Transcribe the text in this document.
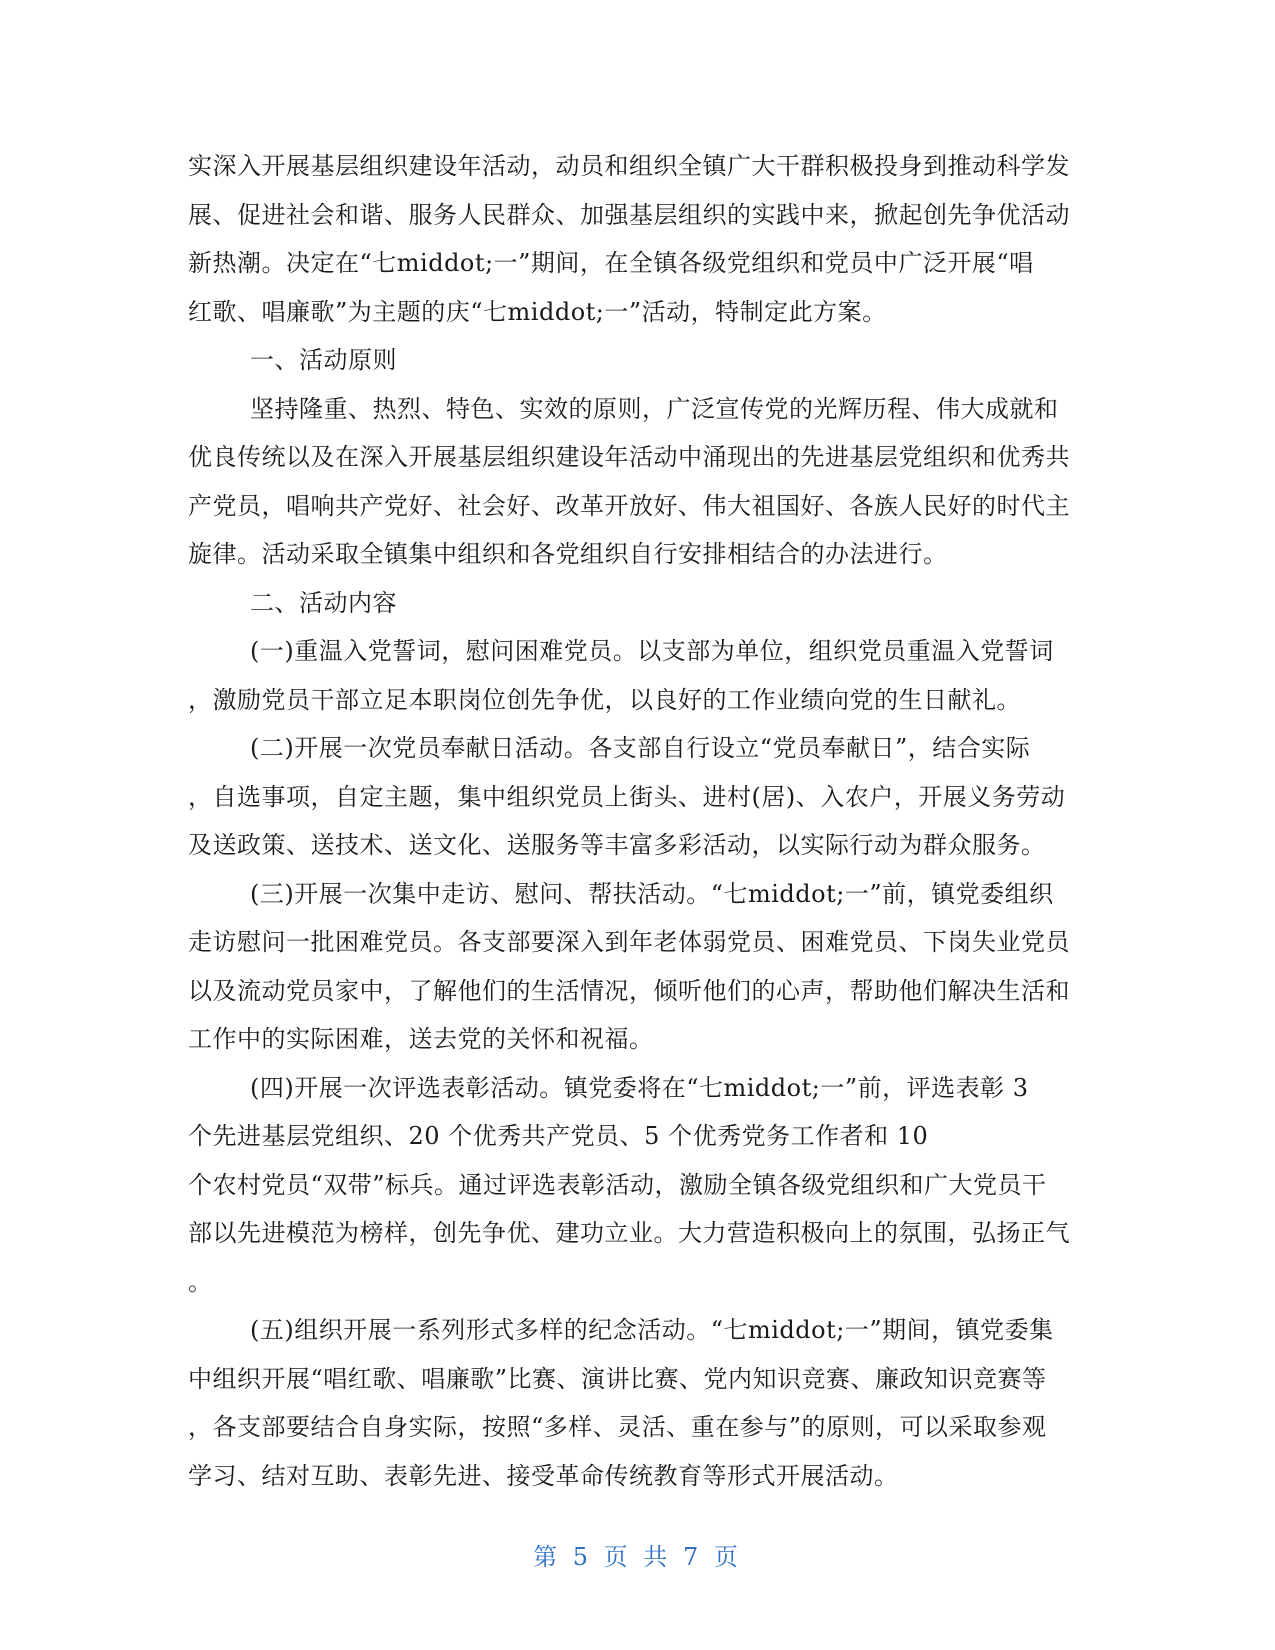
实深入开展基层组织建设年活动，动员和组织全镇广大干群积极投身到推动科学发
展、促进社会和谐、服务人民群众、加强基层组织的实践中来，掀起创先争优活动
新热潮。决定在“七middot;一”期间，在全镇各级党组织和党员中广泛开展“唱
红歌、唱廉歌”为主题的庆“七middot;一”活动，特制定此方案。
一、活动原则
坚持隆重、热烈、特色、实效的原则，广泛宣传党的光辉历程、伟大成就和
优良传统以及在深入开展基层组织建设年活动中涌现出的先进基层党组织和优秀共
产党员，唱响共产党好、社会好、改革开放好、伟大祖国好、各族人民好的时代主
旋律。活动采取全镇集中组织和各党组织自行安排相结合的办法进行。
二、活动内容
(一)重温入党誓词，慰问困难党员。以支部为单位，组织党员重温入党誓词
，激励党员干部立足本职岗位创先争优，以良好的工作业绩向党的生日献礼。
(二)开展一次党员奉献日活动。各支部自行设立“党员奉献日”，结合实际
，自选事项，自定主题，集中组织党员上街头、进村(居)、入农户，开展义务劳动
及送政策、送技术、送文化、送服务等丰富多彩活动，以实际行动为群众服务。
(三)开展一次集中走访、慰问、帮扶活动。“七middot;一”前，镇党委组织
走访慰问一批困难党员。各支部要深入到年老体弱党员、困难党员、下岗失业党员
以及流动党员家中，了解他们的生活情况，倾听他们的心声，帮助他们解决生活和
工作中的实际困难，送去党的关怀和祝福。
(四)开展一次评选表彰活动。镇党委将在“七middot;一”前，评选表彰 3
个先进基层党组织、20 个优秀共产党员、5 个优秀党务工作者和 10
个农村党员“双带”标兵。通过评选表彰活动，激励全镇各级党组织和广大党员干
部以先进模范为榜样，创先争优、建功立业。大力营造积极向上的氛围，弘扬正气
。
(五)组织开展一系列形式多样的纪念活动。“七middot;一”期间，镇党委集
中组织开展“唱红歌、唱廉歌”比赛、演讲比赛、党内知识竞赛、廉政知识竞赛等
，各支部要结合自身实际，按照“多样、灵活、重在参与”的原则，可以采取参观
学习、结对互助、表彰先进、接受革命传统教育等形式开展活动。
第 5 页 共 7 页
